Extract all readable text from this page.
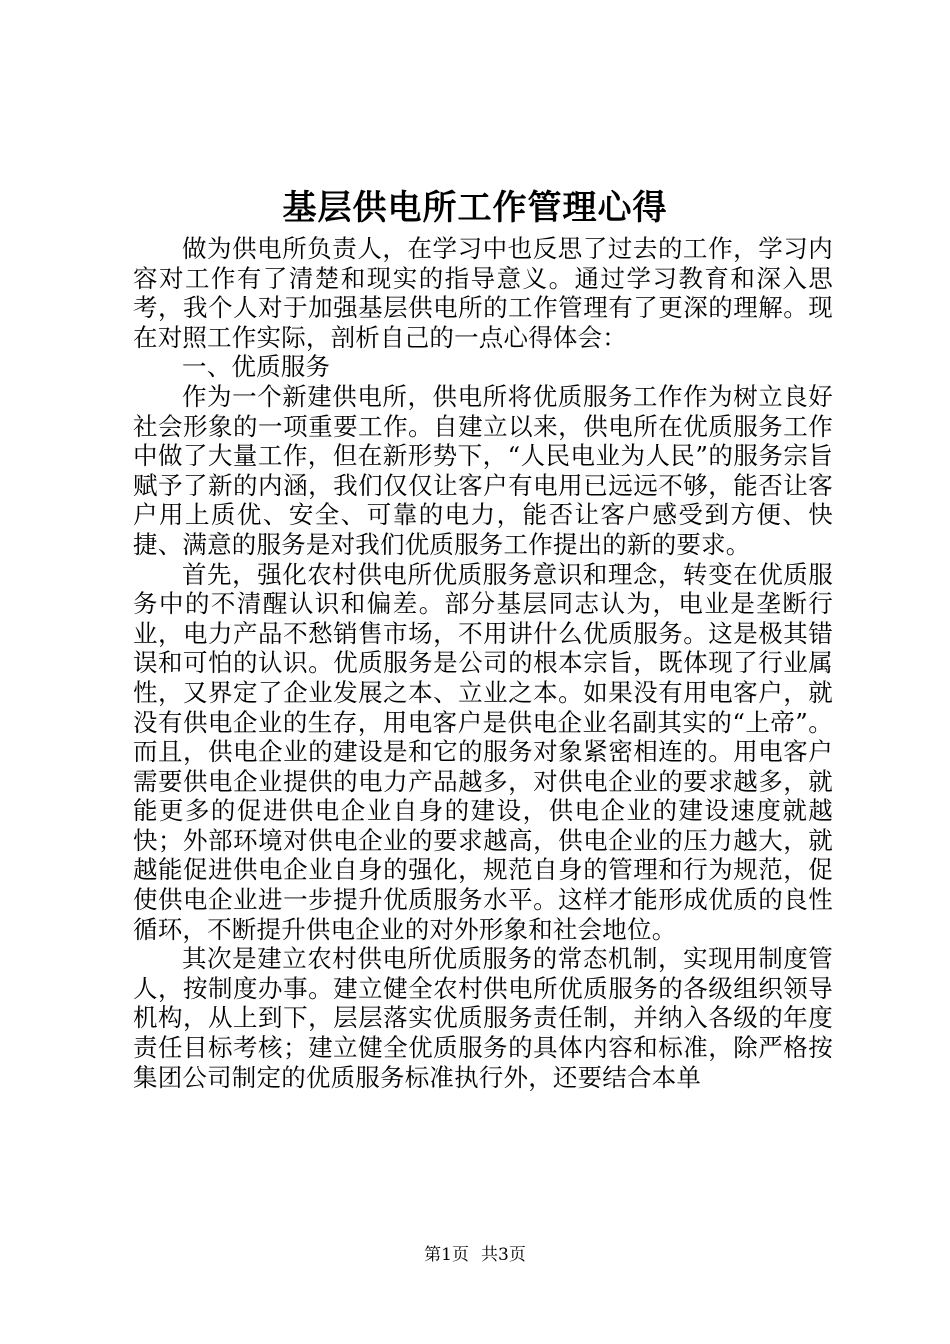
基层供电所工作管理心得

做为供电所负责人，在学习中也反思了过去的工作，学习内容对工作有了清楚和现实的指导意义。通过学习教育和深入思考，我个人对于加强基层供电所的工作管理有了更深的理解。现在对照工作实际，剖析自己的一点心得体会：

一、优质服务

作为一个新建供电所，供电所将优质服务工作作为树立良好社会形象的一项重要工作。自建立以来，供电所在优质服务工作中做了大量工作，但在新形势下，“人民电业为人民”的服务宗旨赋予了新的内涵，我们仅仅让客户有电用已远远不够，能否让客户用上质优、安全、可靠的电力，能否让客户感受到方便、快捷、满意的服务是对我们优质服务工作提出的新的要求。

首先，强化农村供电所优质服务意识和理念，转变在优质服务中的不清醒认识和偏差。部分基层同志认为，电业是垄断行业，电力产品不愁销售市场，不用讲什么优质服务。这是极其错误和可怕的认识。优质服务是公司的根本宗旨，既体现了行业属性，又界定了企业发展之本、立业之本。如果没有用电客户，就没有供电企业的生存，用电客户是供电企业名副其实的“上帝”。而且，供电企业的建设是和它的服务对象紧密相连的。用电客户需要供电企业提供的电力产品越多，对供电企业的要求越多，就能更多的促进供电企业自身的建设，供电企业的建设速度就越快；外部环境对供电企业的要求越高，供电企业的压力越大，就越能促进供电企业自身的强化，规范自身的管理和行为规范，促使供电企业进一步提升优质服务水平。这样才能形成优质的良性循环，不断提升供电企业的对外形象和社会地位。

其次是建立农村供电所优质服务的常态机制，实现用制度管人，按制度办事。建立健全农村供电所优质服务的各级组织领导机构，从上到下，层层落实优质服务责任制，并纳入各级的年度责任目标考核；建立健全优质服务的具体内容和标准，除严格按集团公司制定的优质服务标准执行外，还要结合本单

第1页 共3页
